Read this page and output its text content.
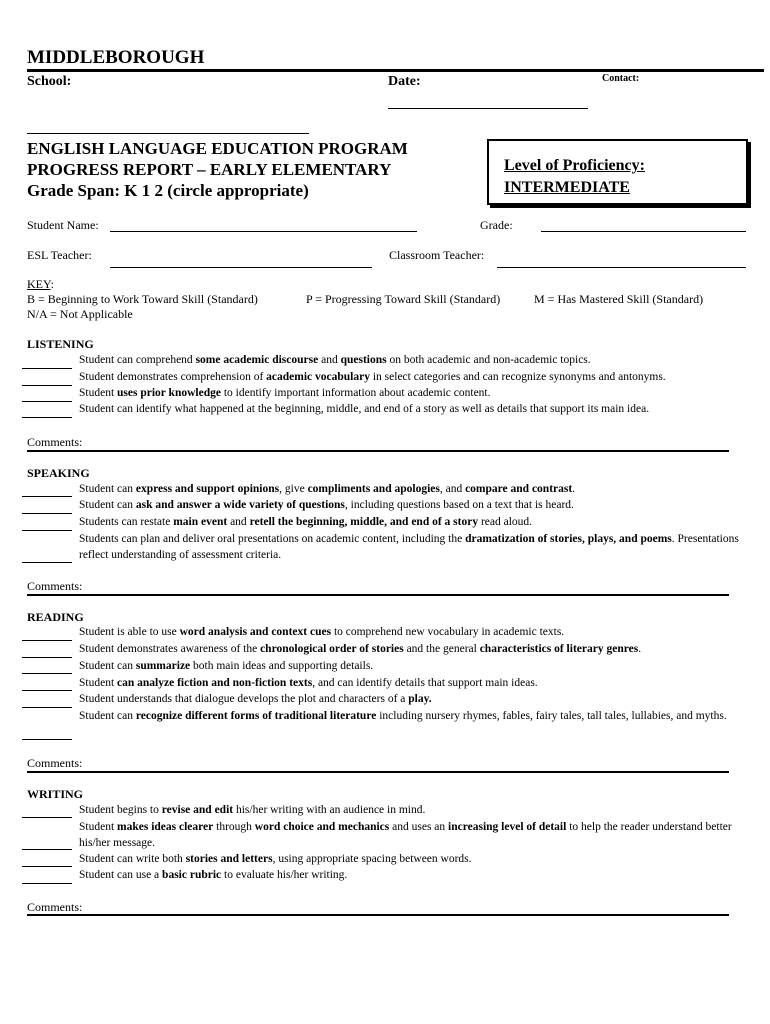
MIDDLEBOROUGH
School:	Date:	Contact:
ENGLISH LANGUAGE EDUCATION PROGRAM
PROGRESS REPORT – EARLY ELEMENTARY
Grade Span: K 1 2 (circle appropriate)
Level of Proficiency:
INTERMEDIATE
Student Name:	Grade:
ESL Teacher:	Classroom Teacher:
KEY:
B = Beginning to Work Toward Skill (Standard)
N/A = Not Applicable
P = Progressing Toward Skill (Standard)	M = Has Mastered Skill (Standard)
LISTENING
Student can comprehend some academic discourse and questions on both academic and non-academic topics.
Student demonstrates comprehension of academic vocabulary in select categories and can recognize synonyms and antonyms.
Student uses prior knowledge to identify important information about academic content.
Student can identify what happened at the beginning, middle, and end of a story as well as details that support its main idea.
Comments:
SPEAKING
Student can express and support opinions, give compliments and apologies, and compare and contrast.
Student can ask and answer a wide variety of questions, including questions based on a text that is heard.
Students can restate main event and retell the beginning, middle, and end of a story read aloud.
Students can plan and deliver oral presentations on academic content, including the dramatization of stories, plays, and poems. Presentations reflect understanding of assessment criteria.
Comments:
READING
Student is able to use word analysis and context cues to comprehend new vocabulary in academic texts.
Student demonstrates awareness of the chronological order of stories and the general characteristics of literary genres.
Student can summarize both main ideas and supporting details.
Student can analyze fiction and non-fiction texts, and can identify details that support main ideas.
Student understands that dialogue develops the plot and characters of a play.
Student can recognize different forms of traditional literature including nursery rhymes, fables, fairy tales, tall tales, lullabies, and myths.
Comments:
WRITING
Student begins to revise and edit his/her writing with an audience in mind.
Student makes ideas clearer through word choice and mechanics and uses an increasing level of detail to help the reader understand better his/her message.
Student can write both stories and letters, using appropriate spacing between words.
Student can use a basic rubric to evaluate his/her writing.
Comments:
